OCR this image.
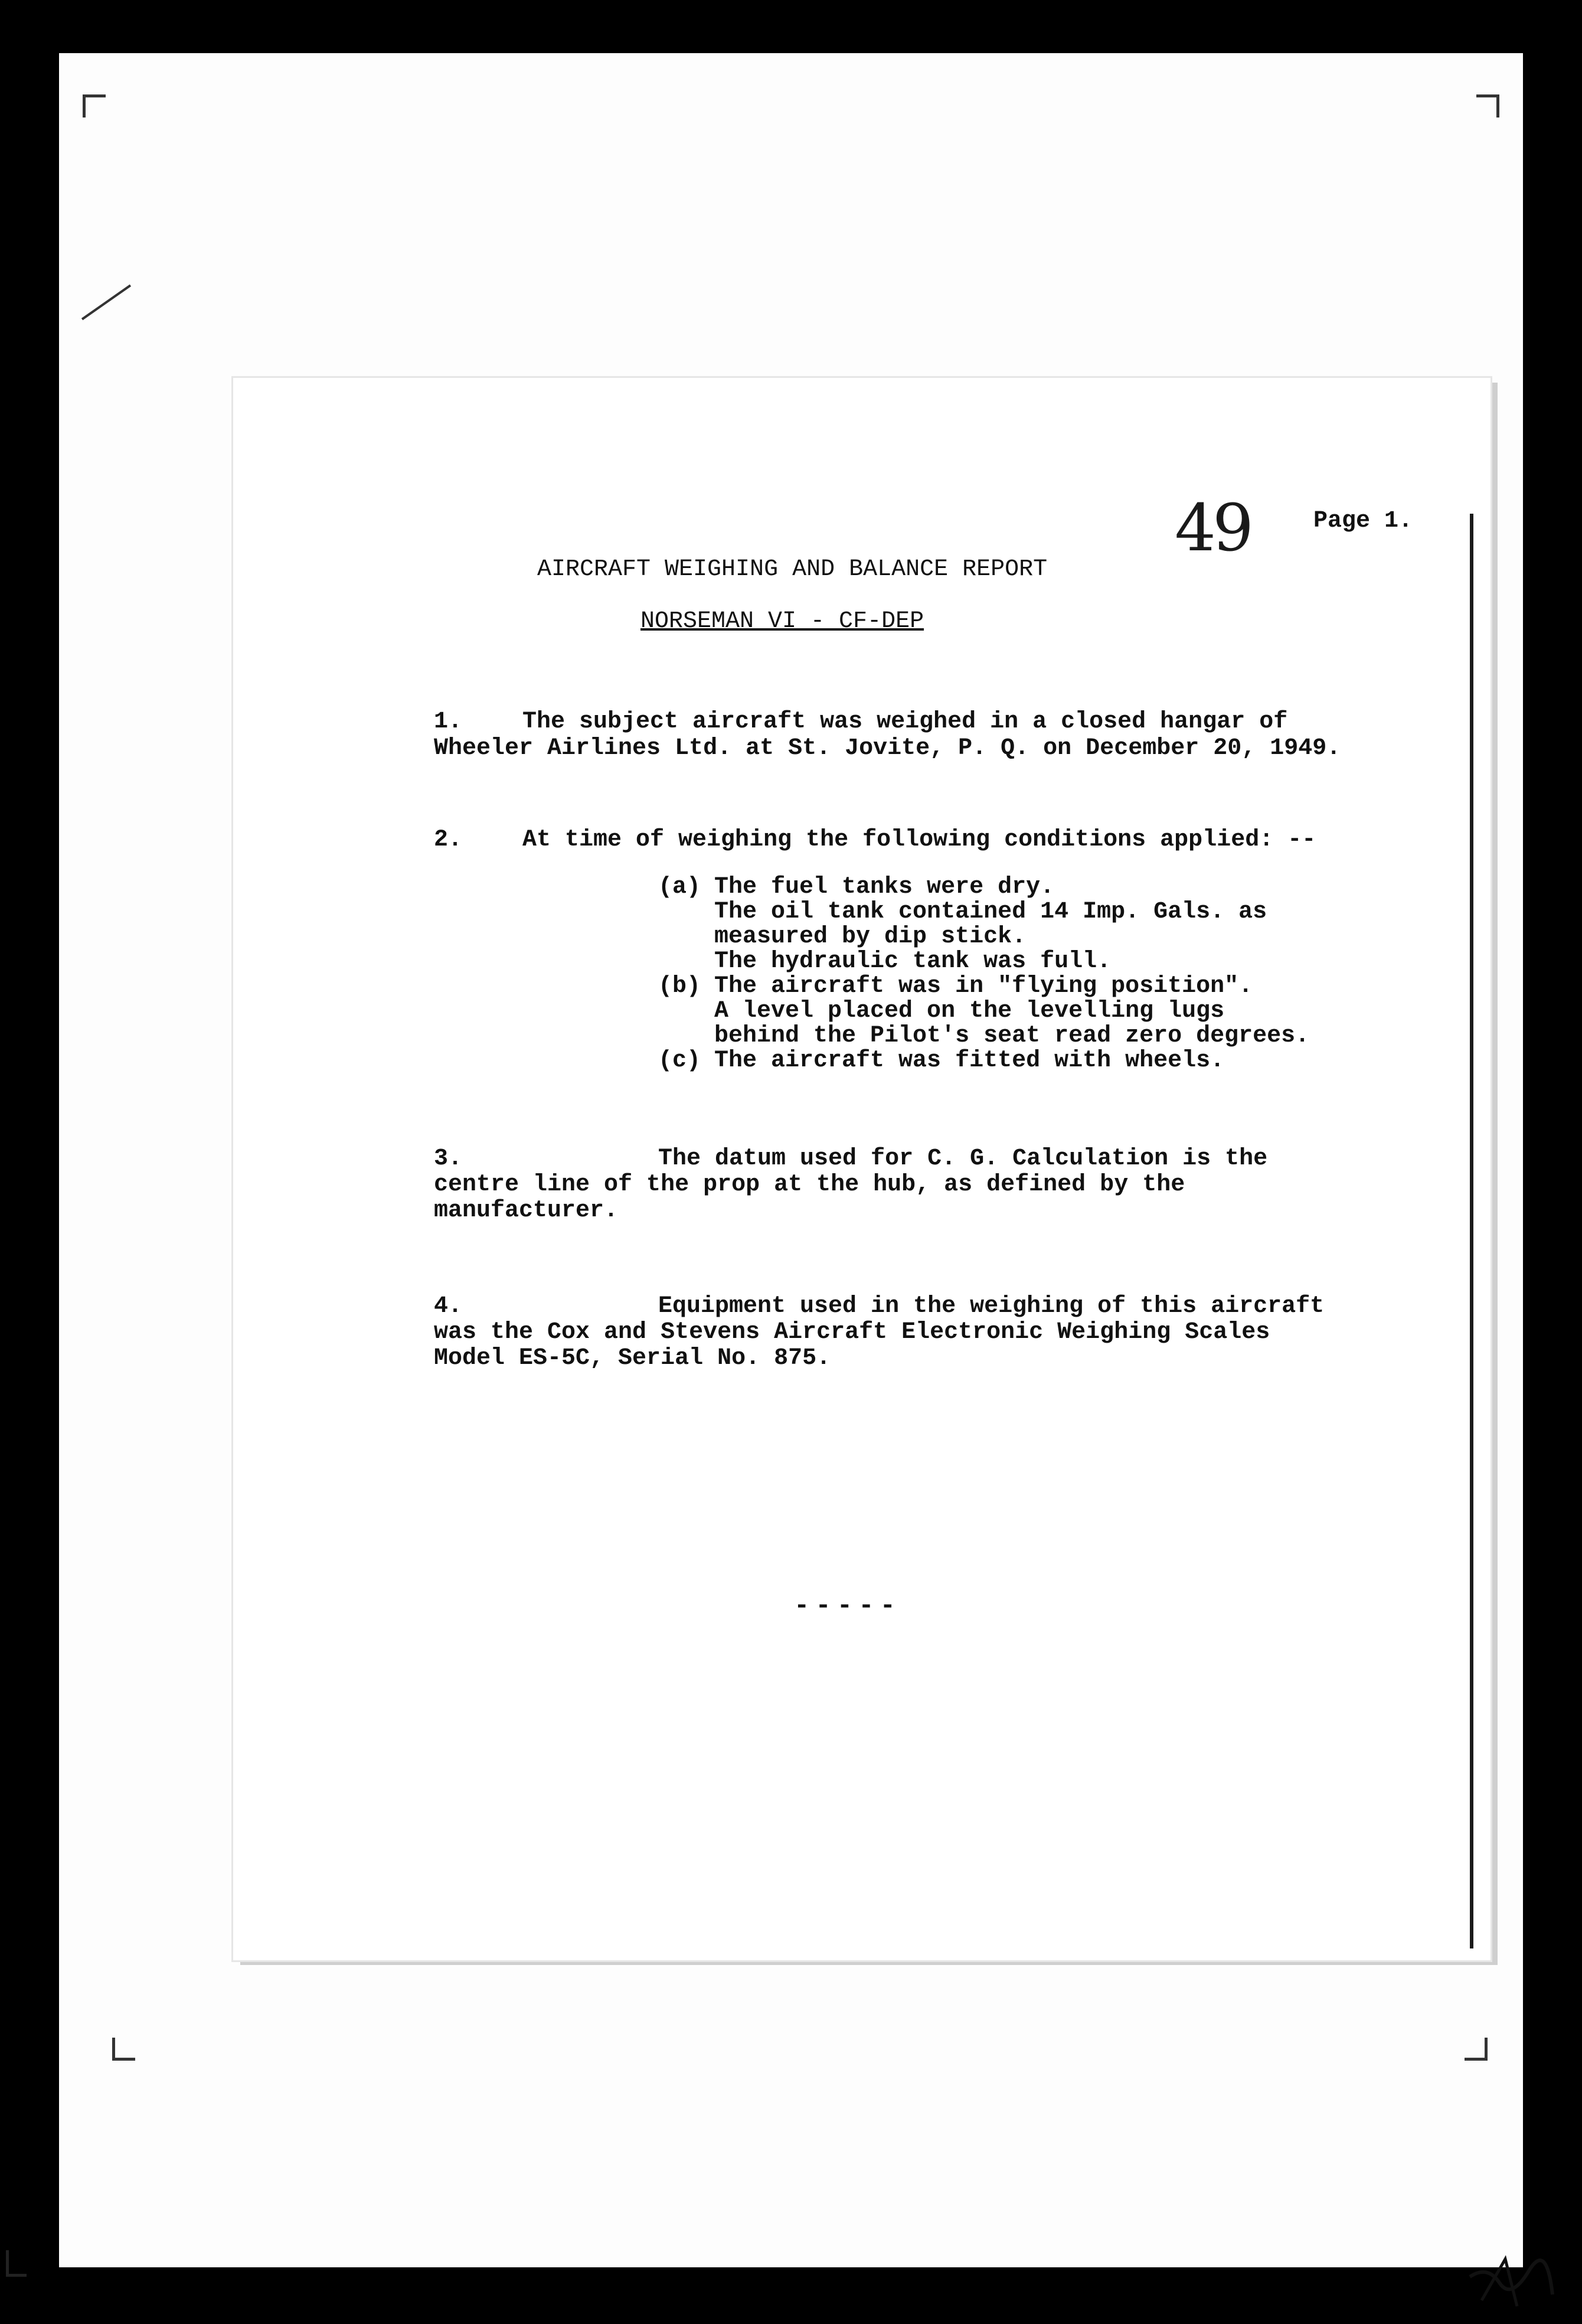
49	Page 1.
AIRCRAFT WEIGHING AND BALANCE REPORT
NORSEMAN VI - CF-DEP
1.	The subject aircraft was weighed in a closed hangar of
Wheeler Airlines Ltd. at St. Jovite, P. Q. on December 20, 1949.
2.	At time of weighing the following conditions applied: --
(a) The fuel tanks were dry.
The oil tank contained 14 Imp. Gals. as
measured by dip stick.
The hydraulic tank was full.
(b) The aircraft was in "flying position".
A level placed on the levelling lugs
behind the Pilot's seat read zero degrees.
(c) The aircraft was fitted with wheels.
3.	The datum used for C. G. Calculation is the
centre line of the prop at the hub, as defined by the
manufacturer.
4.	Equipment used in the weighing of this aircraft
was the Cox and Stevens Aircraft Electronic Weighing Scales
Model ES-5C, Serial No. 875.
-----
